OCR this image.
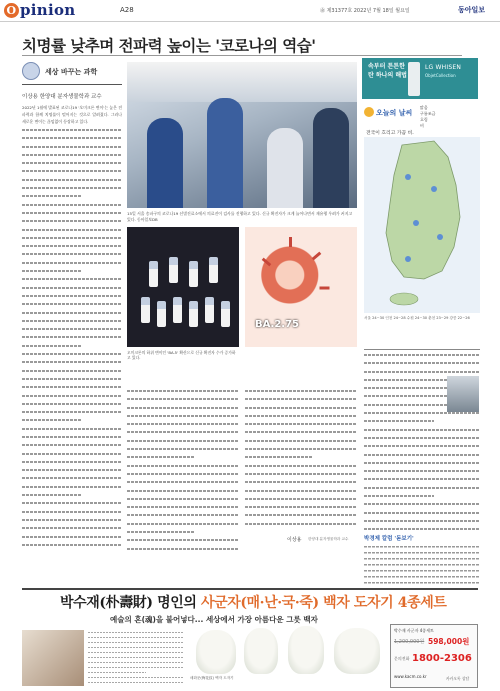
O pinion	A28	㊎ 제31377호 2022년 7월 18일 월요일	동아일보
치명률 낮추며 전파력 높이는 '코로나의 역습'
세상 바꾸는 과학
이상용 한양대 분자생물학과 교수
2022년 1월에 발표된 코로나19 '오미크론 변이'는 높은 전파력과 함께 치명률이 떨어지는 것으로 알려졌다. 그러나 새로운 변이는 끊임없이 등장하고 있다.
15일 서울 송파구의 코로나19 선별진료소에서 의료진이 검사를 진행하고 있다. 신규 확진자가 크게 늘어나면서 재유행 우려가 커지고 있다. 동아일보DB
BA.2.75
오미크론의 하위 변이인 'BA.5' 확산으로 신규 확진자 수가 증가하고 있다.
이상용 한양대 분자생물학과 교수
속부터 튼튼한
탄 하나의 해법
LG WHISEN
ObjetCollection
오늘의 날씨
맑음
구름조금
흐림
비
전국이 흐리고 가끔 비.
서울 24~30 인천 24~28 수원 24~30 춘천 23~29 강릉 22~26
박경제 칼럼 '돋보기'
박수재(朴壽財) 명인의 사군자(매·난·국·죽) 백자 도자기 4종세트
예술의 혼(魂)을 불어넣다... 세상에서 가장 아름다운 그릇 백자
매화문(梅花紋) 백자 도자기
박수재 사군자 4종세트
1,200,000원 598,000원
문의전화 1800-2306
www.kacm.co.kr	카카오톡 상담
